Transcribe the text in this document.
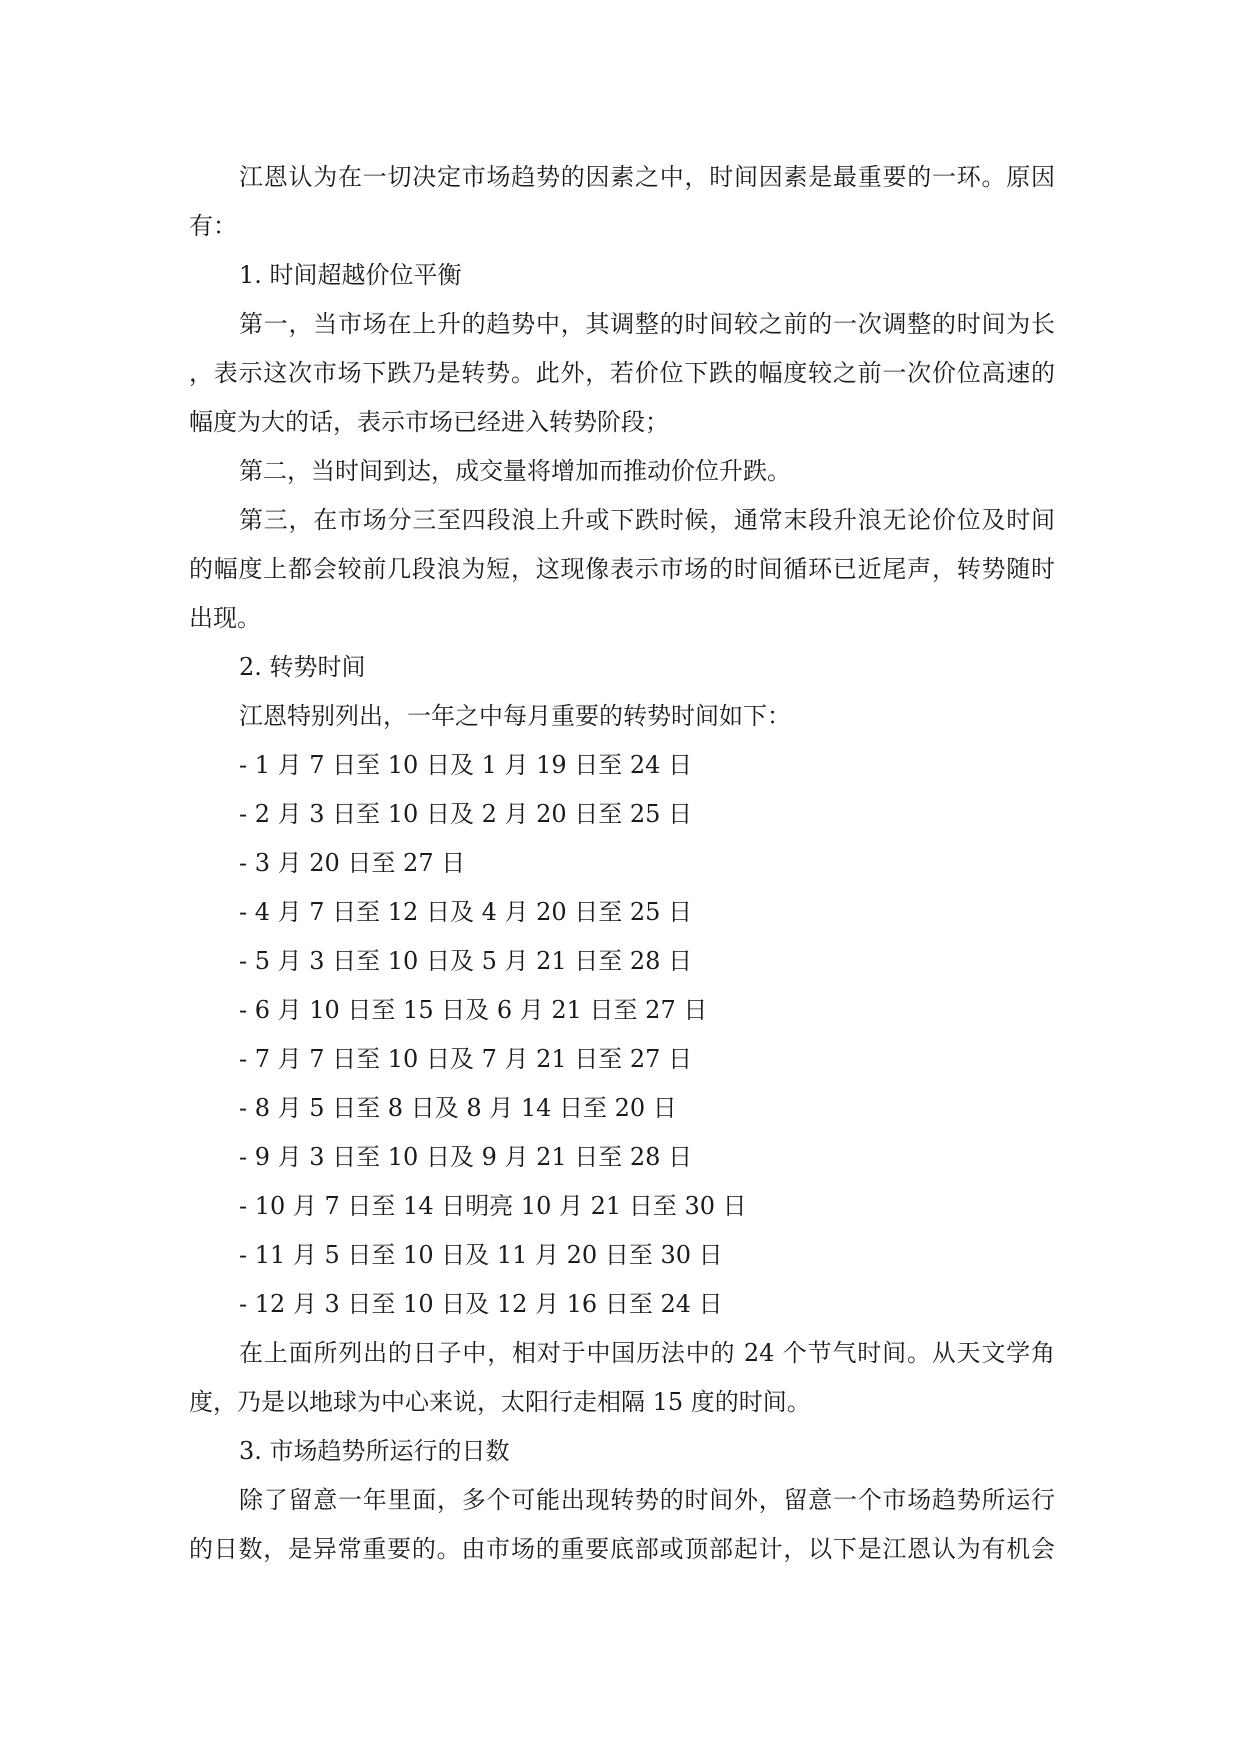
江恩认为在一切决定市场趋势的因素之中，时间因素是最重要的一环。原因

有：

1. 时间超越价位平衡

第一，当市场在上升的趋势中，其调整的时间较之前的一次调整的时间为长

，表示这次市场下跌乃是转势。此外，若价位下跌的幅度较之前一次价位高速的

幅度为大的话，表示市场已经进入转势阶段；

第二，当时间到达，成交量将增加而推动价位升跌。

第三，在市场分三至四段浪上升或下跌时候，通常末段升浪无论价位及时间

的幅度上都会较前几段浪为短，这现像表示市场的时间循环已近尾声，转势随时

出现。

2. 转势时间

江恩特别列出，一年之中每月重要的转势时间如下：

- 1 月 7 日至 10 日及 1 月 19 日至 24 日

- 2 月 3 日至 10 日及 2 月 20 日至 25 日

- 3 月 20 日至 27 日

- 4 月 7 日至 12 日及 4 月 20 日至 25 日

- 5 月 3 日至 10 日及 5 月 21 日至 28 日

- 6 月 10 日至 15 日及 6 月 21 日至 27 日

- 7 月 7 日至 10 日及 7 月 21 日至 27 日

- 8 月 5 日至 8 日及 8 月 14 日至 20 日

- 9 月 3 日至 10 日及 9 月 21 日至 28 日

- 10 月 7 日至 14 日明亮 10 月 21 日至 30 日

- 11 月 5 日至 10 日及 11 月 20 日至 30 日

- 12 月 3 日至 10 日及 12 月 16 日至 24 日

在上面所列出的日子中，相对于中国历法中的 24 个节气时间。从天文学角

度，乃是以地球为中心来说，太阳行走相隔 15 度的时间。

3. 市场趋势所运行的日数

除了留意一年里面，多个可能出现转势的时间外，留意一个市场趋势所运行

的日数，是异常重要的。由市场的重要底部或顶部起计，以下是江恩认为有机会
